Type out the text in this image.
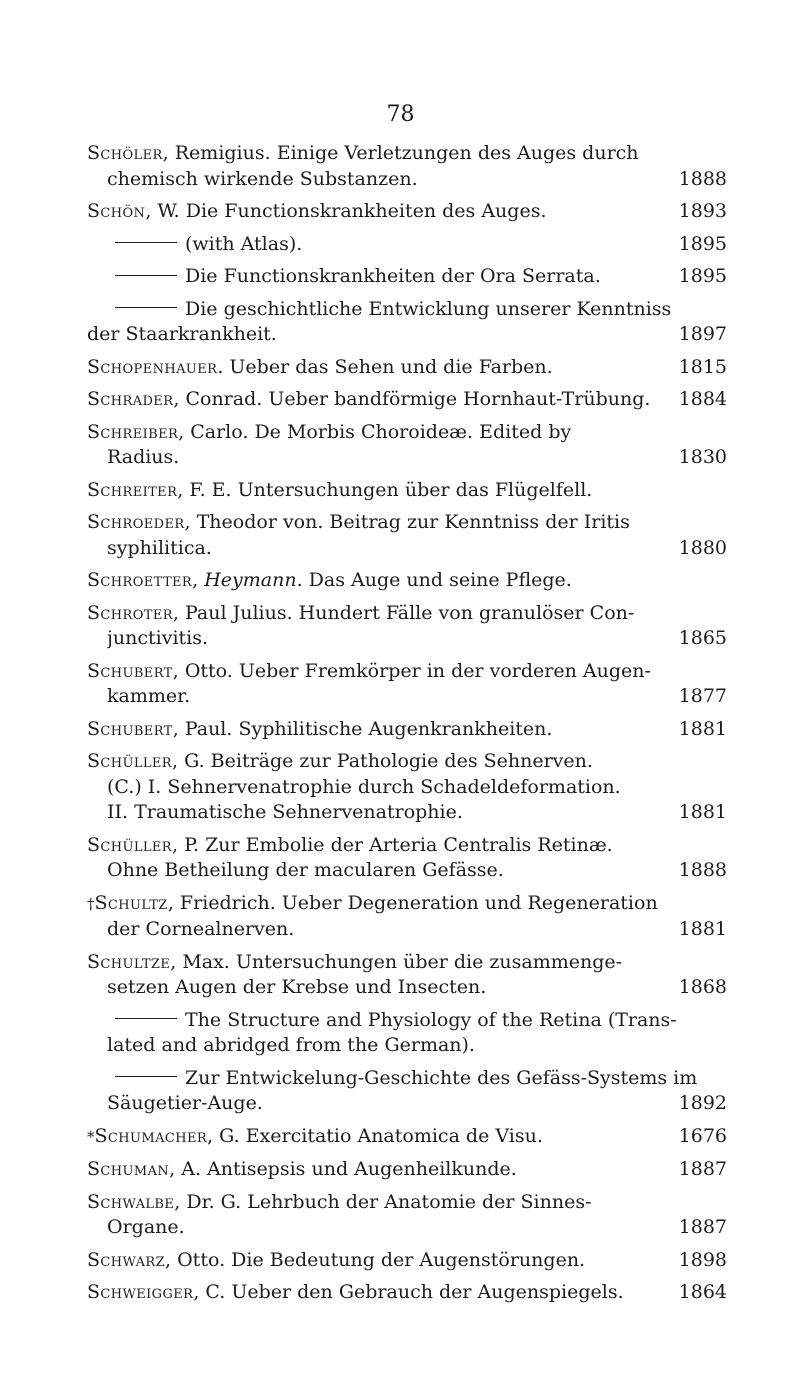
78
Schöler, Remigius. Einige Verletzungen des Auges durch
chemisch wirkende Substanzen.	1888
Schön, W. Die Functionskrankheiten des Auges.	1893
(with Atlas).	1895
Die Functionskrankheiten der Ora Serrata.	1895
Die geschichtliche Entwicklung unserer Kenntniss
der Staarkrankheit.	1897
Schopenhauer. Ueber das Sehen und die Farben.	1815
Schrader, Conrad. Ueber bandförmige Hornhaut-Trübung.	1884
Schreiber, Carlo. De Morbis Choroideæ. Edited by
Radius.	1830
Schreiter, F. E. Untersuchungen über das Flügelfell.
Schroeder, Theodor von. Beitrag zur Kenntniss der Iritis
syphilitica.	1880
Schroetter, Heymann. Das Auge und seine Pflege.
Schroter, Paul Julius. Hundert Fälle von granulöser Con-
junctivitis.	1865
Schubert, Otto. Ueber Fremkörper in der vorderen Augen-
kammer.	1877
Schubert, Paul. Syphilitische Augenkrankheiten.	1881
Schüller, G. Beiträge zur Pathologie des Sehnerven.
(C.) I. Sehnervenatrophie durch Schadeldeformation.
II. Traumatische Sehnervenatrophie.	1881
Schüller, P. Zur Embolie der Arteria Centralis Retinæ.
Ohne Betheilung der macularen Gefässe.	1888
†Schultz, Friedrich. Ueber Degeneration und Regeneration
der Cornealnerven.	1881
Schultze, Max. Untersuchungen über die zusammenge-
setzen Augen der Krebse und Insecten.	1868
The Structure and Physiology of the Retina (Trans-
lated and abridged from the German).
Zur Entwickelung-Geschichte des Gefäss-Systems im
Säugetier-Auge.	1892
*Schumacher, G. Exercitatio Anatomica de Visu.	1676
Schuman, A. Antisepsis und Augenheilkunde.	1887
Schwalbe, Dr. G. Lehrbuch der Anatomie der Sinnes-
Organe.	1887
Schwarz, Otto. Die Bedeutung der Augenstörungen.	1898
Schweigger, C. Ueber den Gebrauch der Augenspiegels.	1864
